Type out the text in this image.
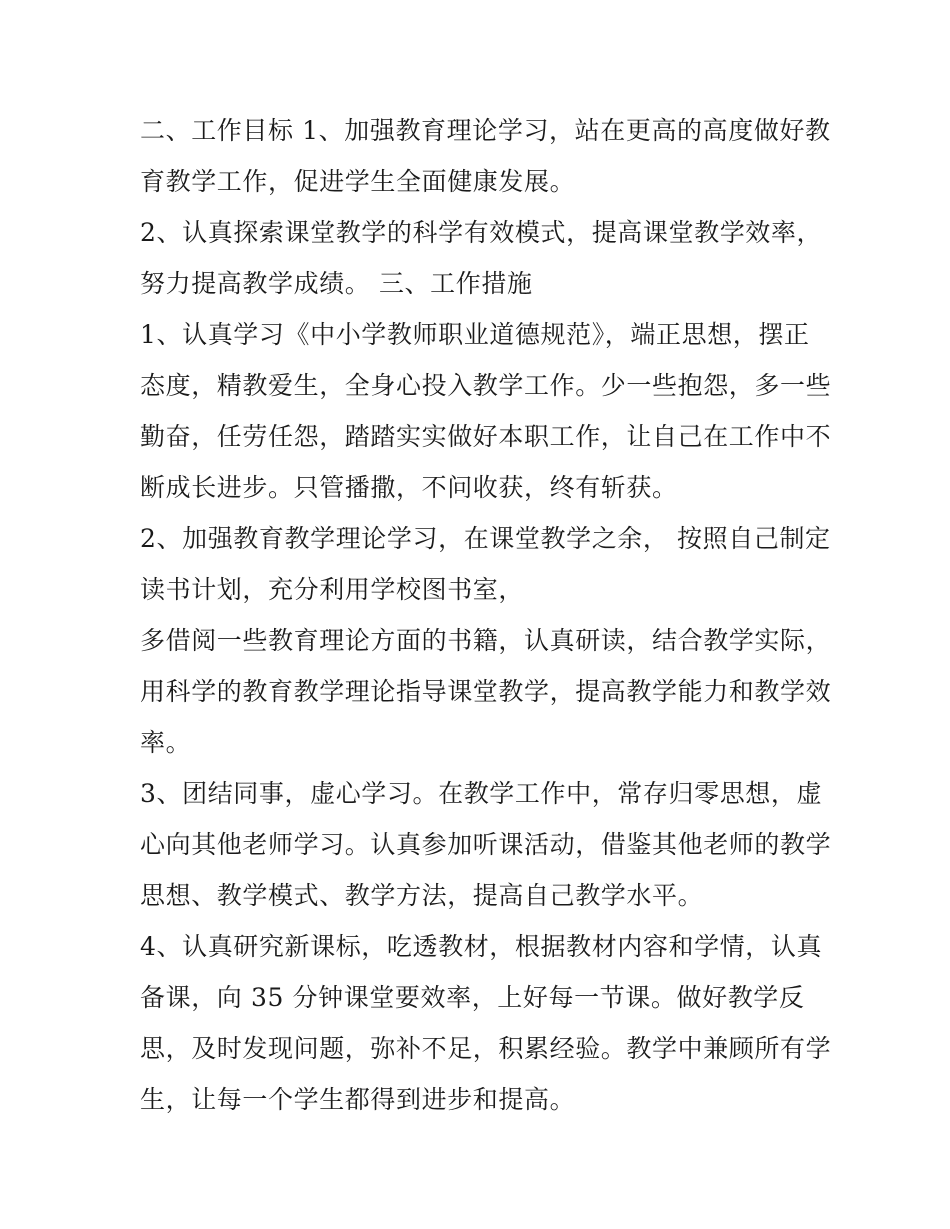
二、工作目标 1、加强教育理论学习，站在更高的高度做好教
育教学工作，促进学生全面健康发展。
2、认真探索课堂教学的科学有效模式，提高课堂教学效率，
努力提高教学成绩。 三、工作措施
1、认真学习《中小学教师职业道德规范》，端正思想，摆正
态度，精教爱生，全身心投入教学工作。少一些抱怨，多一些
勤奋，任劳任怨，踏踏实实做好本职工作，让自己在工作中不
断成长进步。只管播撒，不问收获，终有斩获。
2、加强教育教学理论学习，在课堂教学之余， 按照自己制定
读书计划，充分利用学校图书室，
多借阅一些教育理论方面的书籍，认真研读，结合教学实际，
用科学的教育教学理论指导课堂教学，提高教学能力和教学效
率。
3、团结同事，虚心学习。在教学工作中，常存归零思想，虚
心向其他老师学习。认真参加听课活动，借鉴其他老师的教学
思想、教学模式、教学方法，提高自己教学水平。
4、认真研究新课标，吃透教材，根据教材内容和学情，认真
备课，向 35 分钟课堂要效率，上好每一节课。做好教学反
思，及时发现问题，弥补不足，积累经验。教学中兼顾所有学
生，让每一个学生都得到进步和提高。
